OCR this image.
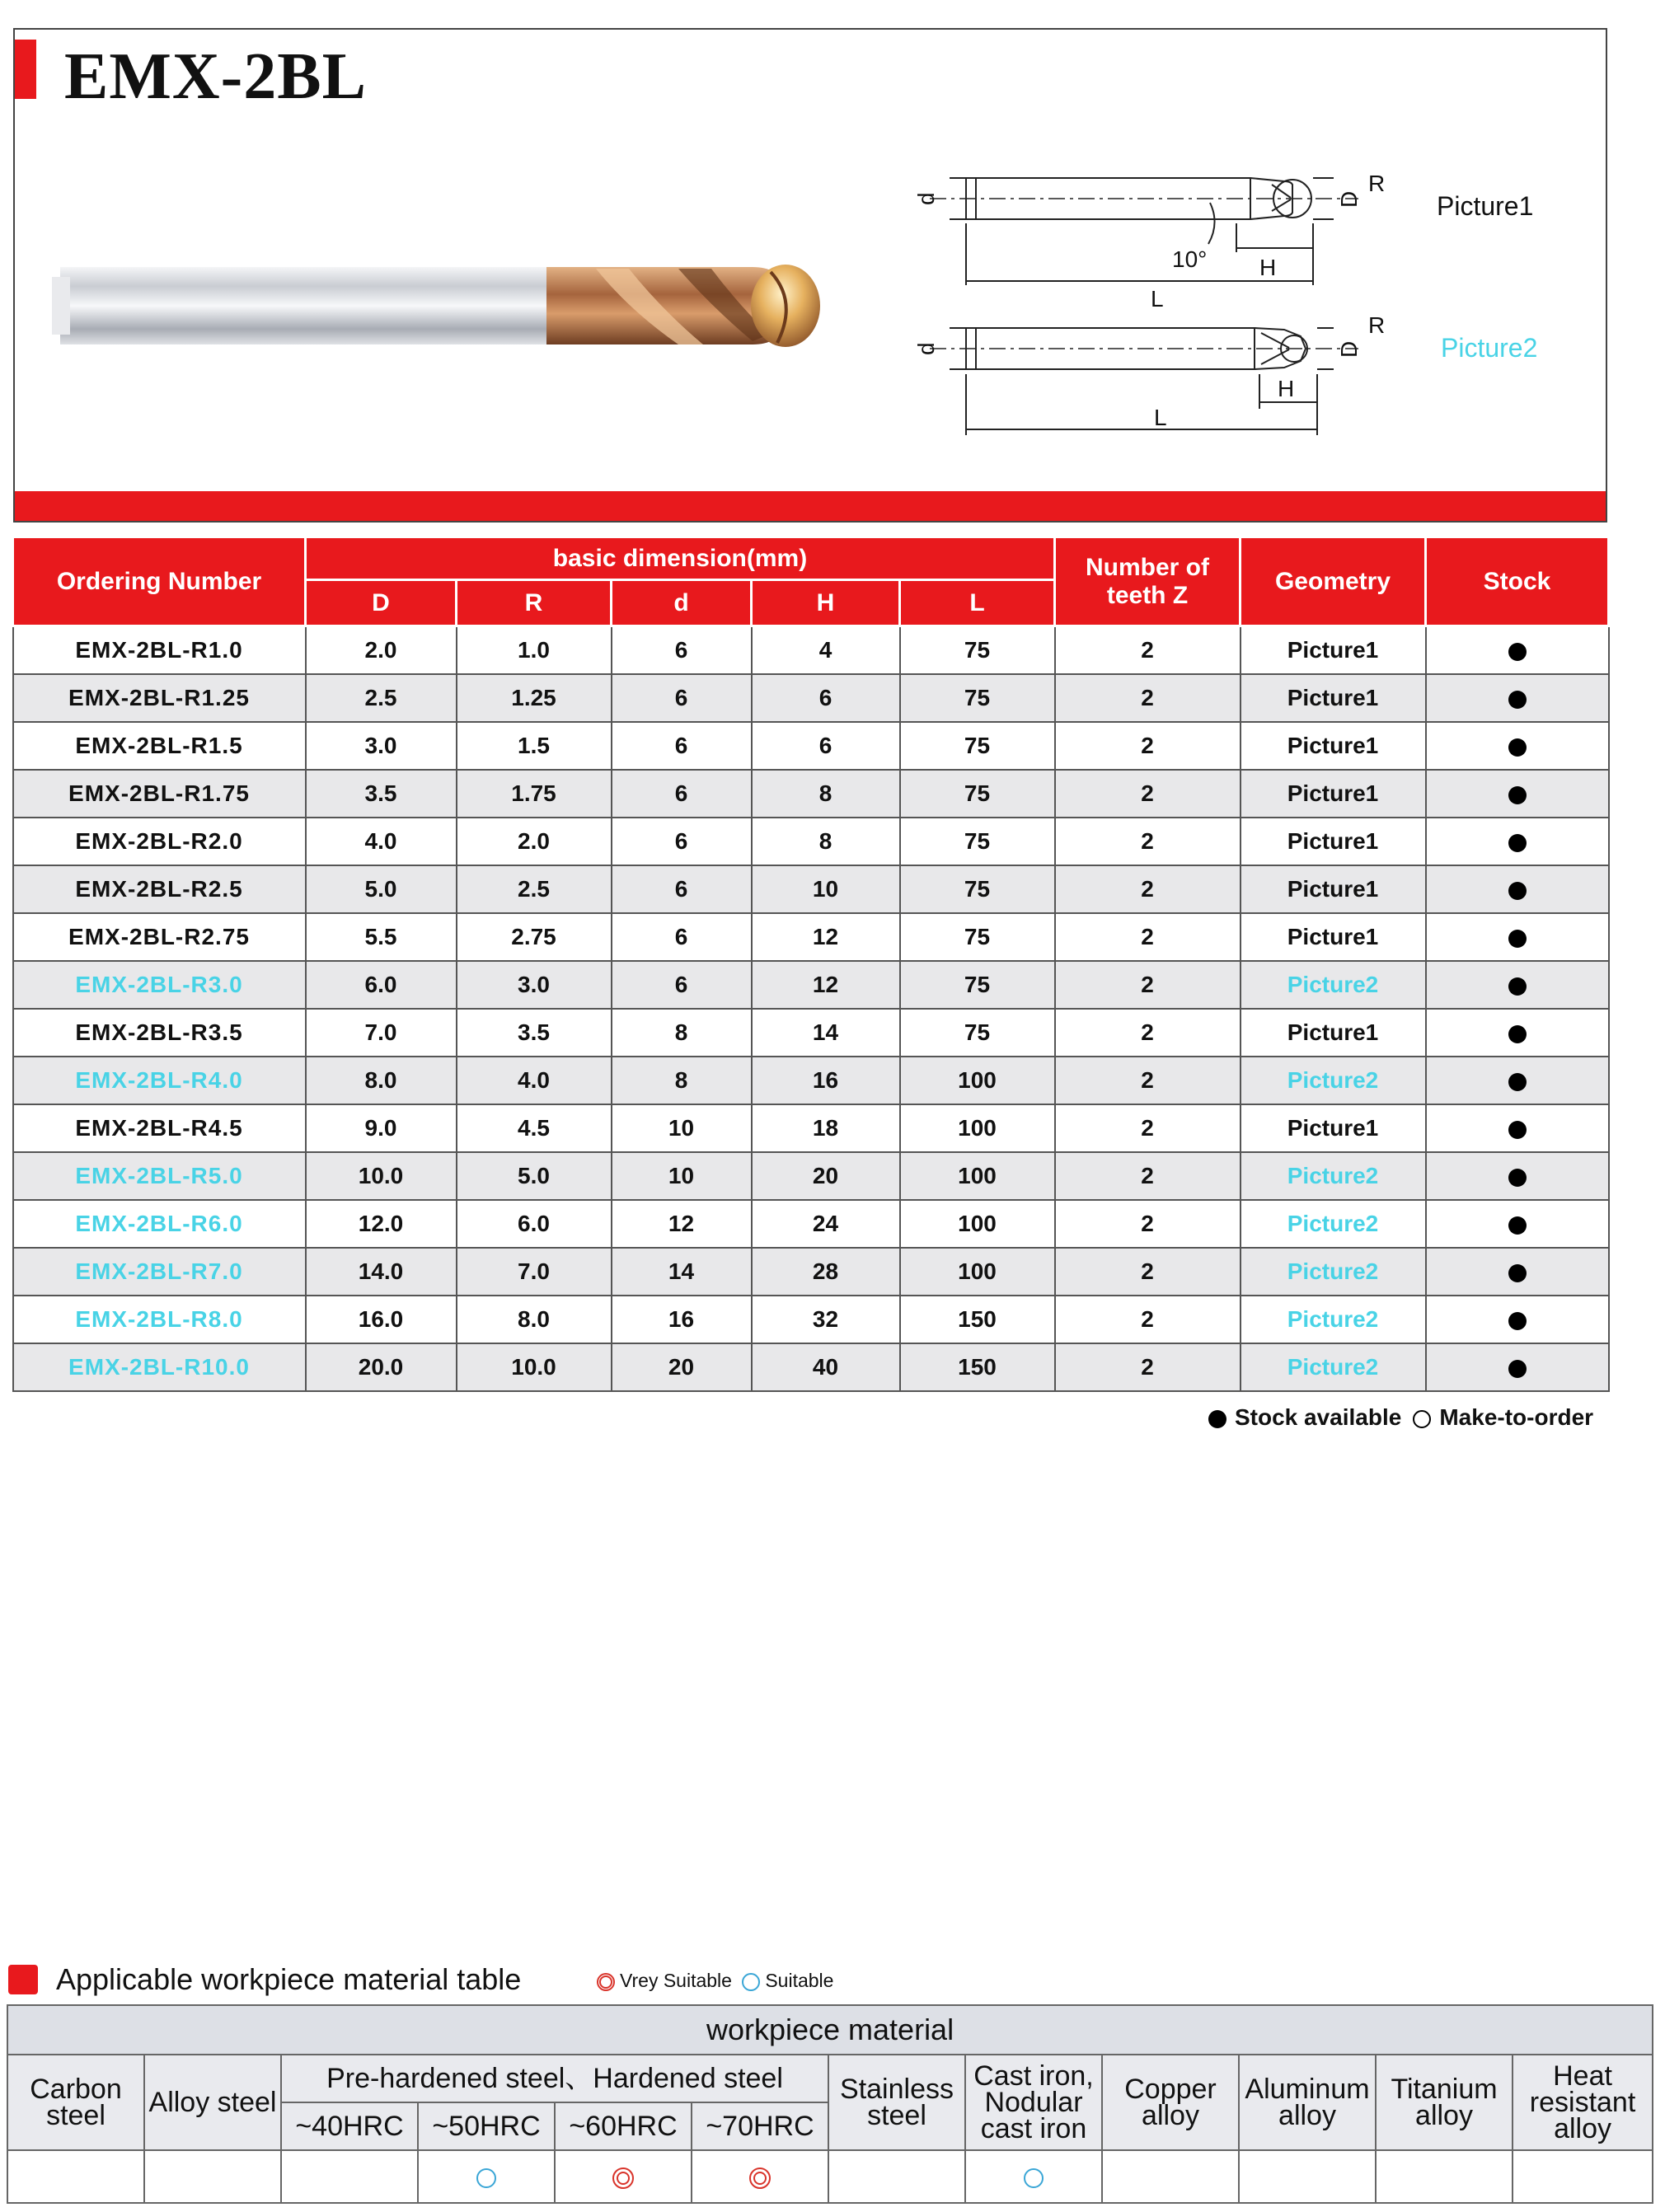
EMX-2BL
d
R
D
H
L
10°
d
R
D
H
L
Picture1
Picture2
Ordering Number	basic dimension(mm)					Number of teeth Z	Geometry	Stock
	D	R	d	H	L			
EMX-2BL-R1.0	2.0	1.0	6	4	75	2	Picture1	
EMX-2BL-R1.25	2.5	1.25	6	6	75	2	Picture1	
EMX-2BL-R1.5	3.0	1.5	6	6	75	2	Picture1	
EMX-2BL-R1.75	3.5	1.75	6	8	75	2	Picture1	
EMX-2BL-R2.0	4.0	2.0	6	8	75	2	Picture1	
EMX-2BL-R2.5	5.0	2.5	6	10	75	2	Picture1	
EMX-2BL-R2.75	5.5	2.75	6	12	75	2	Picture1	
EMX-2BL-R3.0	6.0	3.0	6	12	75	2	Picture2	
EMX-2BL-R3.5	7.0	3.5	8	14	75	2	Picture1	
EMX-2BL-R4.0	8.0	4.0	8	16	100	2	Picture2	
EMX-2BL-R4.5	9.0	4.5	10	18	100	2	Picture1	
EMX-2BL-R5.0	10.0	5.0	10	20	100	2	Picture2	
EMX-2BL-R6.0	12.0	6.0	12	24	100	2	Picture2	
EMX-2BL-R7.0	14.0	7.0	14	28	100	2	Picture2	
EMX-2BL-R8.0	16.0	8.0	16	32	150	2	Picture2	
EMX-2BL-R10.0	20.0	10.0	20	40	150	2	Picture2	
Stock available Make-to-order
Applicable workpiece material table	Vrey Suitable Suitable
workpiece material											
Carbon steel	Alloy steel	Pre-hardened steel、Hardened steel				Stainless steel	Cast iron, Nodular cast iron	Copper alloy	Aluminum alloy	Titanium alloy	Heat resistant alloy
		~40HRC	~50HRC	~60HRC	~70HRC						
